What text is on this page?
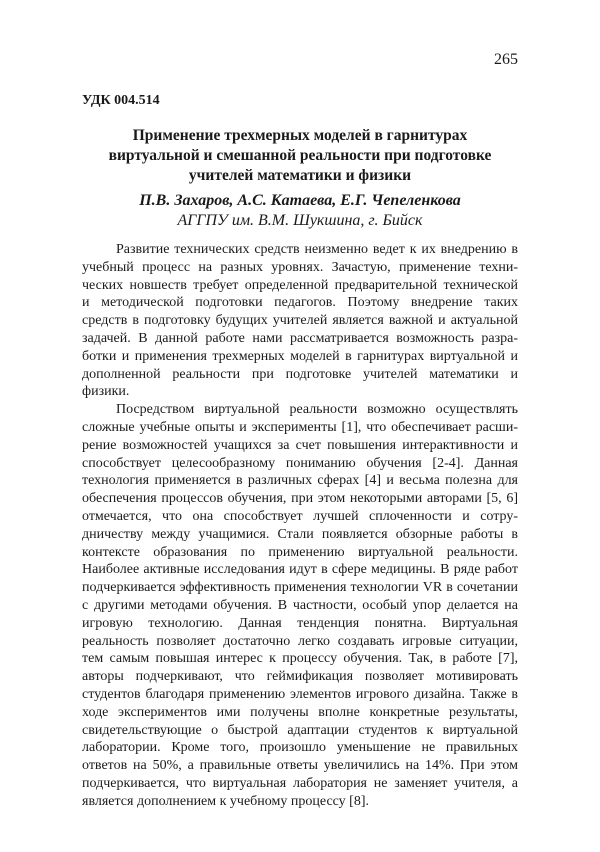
265
УДК 004.514
Применение трехмерных моделей в гарнитурах
виртуальной и смешанной реальности при подготовке
учителей математики и физики
П.В. Захаров, А.С. Катаева, Е.Г. Чепеленкова
АГГПУ им. В.М. Шукшина, г. Бийск
Развитие технических средств неизменно ведет к их внедрению в
учебный процесс на разных уровнях. Зачастую, применение техни-
ческих новшеств требует определенной предварительной технической
и методической подготовки педагогов. Поэтому внедрение таких
средств в подготовку будущих учителей является важной и актуальной
задачей. В данной работе нами рассматривается возможность разра-
ботки и применения трехмерных моделей в гарнитурах виртуальной и
дополненной реальности при подготовке учителей математики и
физики.
Посредством виртуальной реальности возможно осуществлять
сложные учебные опыты и эксперименты [1], что обеспечивает расши-
рение возможностей учащихся за счет повышения интерактивности и
способствует целесообразному пониманию обучения [2-4]. Данная
технология применяется в различных сферах [4] и весьма полезна для
обеспечения процессов обучения, при этом некоторыми авторами [5, 6]
отмечается, что она способствует лучшей сплоченности и сотру-
дничеству между учащимися. Стали появляется обзорные работы в
контексте образования по применению виртуальной реальности.
Наиболее активные исследования идут в сфере медицины. В ряде работ
подчеркивается эффективность применения технологии VR в сочетании
с другими методами обучения. В частности, особый упор делается на
игровую технологию. Данная тенденция понятна. Виртуальная
реальность позволяет достаточно легко создавать игровые ситуации,
тем самым повышая интерес к процессу обучения. Так, в работе [7],
авторы подчеркивают, что геймификация позволяет мотивировать
студентов благодаря применению элементов игрового дизайна. Также в
ходе экспериментов ими получены вполне конкретные результаты,
свидетельствующие о быстрой адаптации студентов к виртуальной
лаборатории. Кроме того, произошло уменьшение не правильных
ответов на 50%, а правильные ответы увеличились на 14%. При этом
подчеркивается, что виртуальная лаборатория не заменяет учителя, а
является дополнением к учебному процессу [8].
